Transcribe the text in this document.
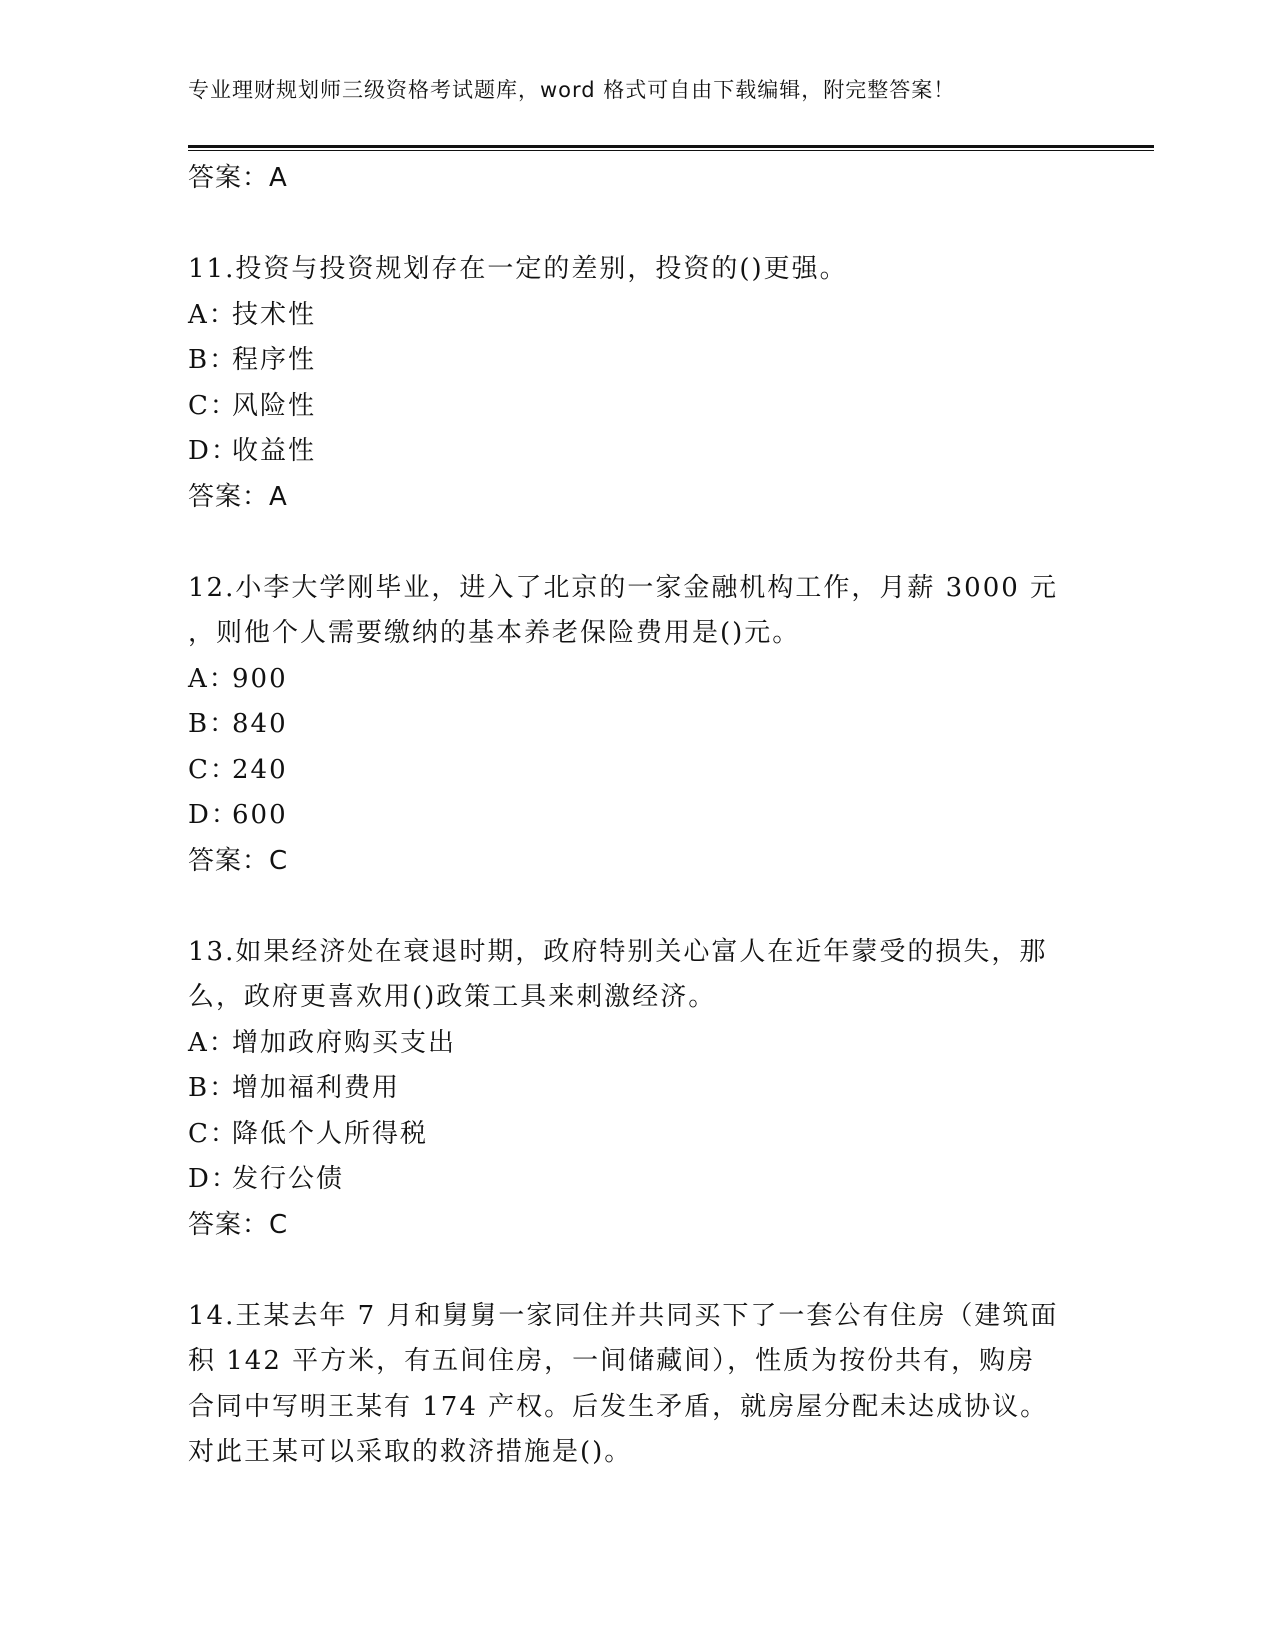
专业理财规划师三级资格考试题库，word 格式可自由下载编辑，附完整答案！
答案：A
11.投资与投资规划存在一定的差别，投资的()更强。
A：技术性
B：程序性
C：风险性
D：收益性
答案：A
12.小李大学刚毕业，进入了北京的一家金融机构工作，月薪 3000 元
，则他个人需要缴纳的基本养老保险费用是()元。
A：900
B：840
C：240
D：600
答案：C
13.如果经济处在衰退时期，政府特别关心富人在近年蒙受的损失，那
么，政府更喜欢用()政策工具来刺激经济。
A：增加政府购买支出
B：增加福利费用
C：降低个人所得税
D：发行公债
答案：C
14.王某去年 7 月和舅舅一家同住并共同买下了一套公有住房（建筑面
积 142 平方米，有五间住房，一间储藏间），性质为按份共有，购房
合同中写明王某有 174 产权。后发生矛盾，就房屋分配未达成协议。
对此王某可以采取的救济措施是()。
